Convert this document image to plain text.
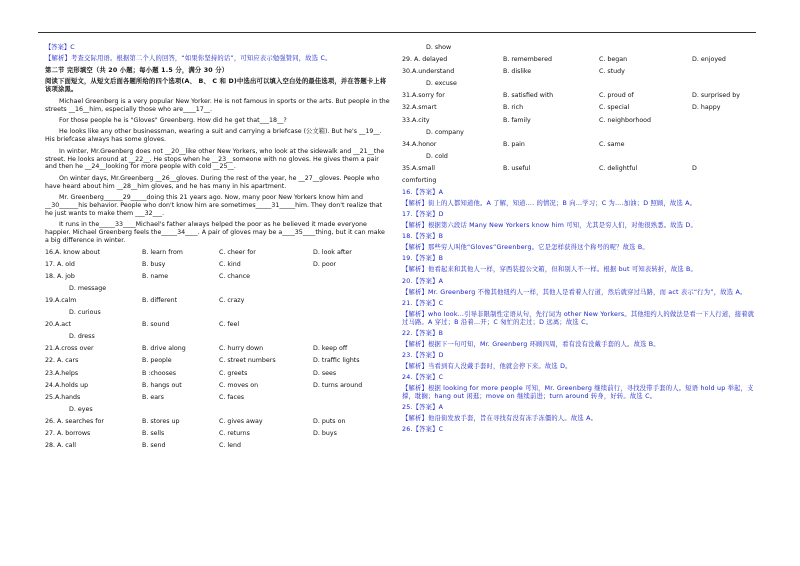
【答案】C
【解析】考查交际用语。根据第二个人的回答，“如果你坚持的话”，可知应表示勉强赞同，故选 C。
第二节 完形填空（共 20 小题；每小题 1.5 分，满分 30 分）
阅读下面短文，从短文后面各题所给的四个选项(A、 B、 C 和 D)中选出可以填入空白处的最佳选项，并在答题卡上将该项涂黑。
Michael Greenberg is a very popular New Yorker. He is not famous in sports or the arts. But people in the streets __16__him, especially those who are____17__.
For those people he is "Gloves" Greenberg. How did he get that___18__?
He looks like any other businessman, wearing a suit and carrying a briefcase (公文箱). But he's __19__. His briefcase always has some gloves.
In winter, Mr.Greenberg does not __20__like other New Yorkers, who look at the sidewalk and __21__the street. He looks around at __22__. He stops when he __23__someone with no gloves. He gives them a pair and then he __24__looking for more people with cold __25__.
On winter days, Mr.Greenberg __26__gloves. During the rest of the year, he __27__gloves. People who have heard about him __28__him gloves, and he has many in his apartment.
Mr. Greenberg______29_____doing this 21 years ago. Now, many poor New Yorkers know him and __30______his behavior. People who don't know him are sometimes_____31_____him. They don't realize that he just wants to make them ___32___.
It runs in the_____33____Michael's father always helped the poor as he believed it made everyone happier. Michael Greenberg feels the_____34____. A pair of gloves may be a____35____thing, but it can make a big difference in winter.
16.A. know about	B. learn from	C. cheer for	D. look after
17. A. old	B. busy	C. kind	D. poor
18. A. job	B. name	C. chance
D. message
19.A.calm	B. different	C. crazy
D. curious
20.A.act	B. sound	C. feel
D. dress
21.A.cross over	B. drive along	C. hurry down	D. keep off
22. A. cars	B. people	C. street numbers	D. traffic lights
23.A.helps	B :chooses	C. greets	D. sees
24.A.holds up	B. hangs out	C. moves on	D. turns around
25.A.hands	B. ears	C. faces
D. eyes
26. A. searches for	B. stores up	C. gives away	D. puts on
27. A. borrows	B. sells	C. returns	D. buys
28. A. call	B. send	C. lend
D. show
29. A. delayed	B. remembered	C. began	D. enjoyed
30.A.understand	B. dislike	C. study
D. excuse
31.A.sorry for	B. satisfied with	C. proud of	D. surprised by
32.A.smart	B. rich	C. special	D. happy
33.A.city	B. family	C. neighborhood
D. company
34.A.honor	B. pain	C. same
D. cold
35.A.small	B. useful	C. delightful	D
comforting
16.【答案】A
【解析】街上的人都知道他。A 了解，知道…. 的情况；B 向…学习；C 为….加油；D 照顾，故选 A。
17.【答案】D
【解析】根据第六段话 Many New Yorkers know him 可知，尤其是穷人们，对他很熟悉。故选 D。
18.【答案】B
【解析】那些穷人叫他“Gloves”Greenberg。它是怎样获得这个称号的呢？故选 B。
19.【答案】B
【解析】他看起来和其他人一样，穿西装提公文箱，但和别人不一样。根据 but 可知表转折，故选 B。
20.【答案】A
【解析】Mr. Greenberg 不像其他纽约人一样，其他人是看着人行道，然后就穿过马路，而 act 表示“行为”，故选 A。
21.【答案】C
【解析】who look…引导非限制性定语从句，先行词为 other New Yorkers。其他纽约人的做法是看一下人行道，接着就过马路。A 穿过；B 沿着…开；C 匆忙的走过；D 远离；故选 C。
22.【答案】B
【解析】根据下一句可知，Mr. Greenberg 环顾四周，看有没有没戴手套的人。故选 B。
23.【答案】D
【解析】当看到有人没戴手套时，他就会停下来。故选 D。
24.【答案】C
【解析】根据 looking for more people 可知，Mr. Greenberg 继续前行，寻找没带手套的人。短语 hold up 举起，支撑，耽搁；hang out 闲逛；move on 继续前进；turn around 转身，好转。故选 C。
25.【答案】A
【解析】他沿街发放手套，旨在寻找有没有冻手冻僵的人。故选 A。
26.【答案】C
